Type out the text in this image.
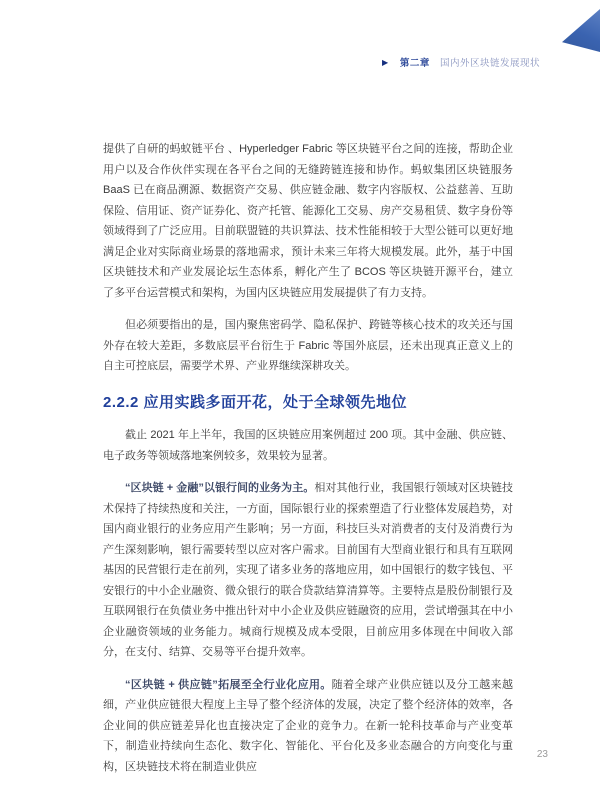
▶ 第二章 国内外区块链发展现状

提供了自研的蚂蚁链平台 、Hyperledger Fabric 等区块链平台之间的连接，帮助企业用户以及合作伙伴实现在各平台之间的无缝跨链连接和协作。蚂蚁集团区块链服务 BaaS 已在商品溯源、数据资产交易、供应链金融、数字内容版权、公益慈善、互助保险、信用证、资产证券化、资产托管、能源化工交易、房产交易租赁、数字身份等领域得到了广泛应用。目前联盟链的共识算法、技术性能相较于大型公链可以更好地满足企业对实际商业场景的落地需求，预计未来三年将大规模发展。此外，基于中国区块链技术和产业发展论坛生态体系，孵化产生了 BCOS 等区块链开源平台，建立了多平台运营模式和架构，为国内区块链应用发展提供了有力支持。

但必须要指出的是，国内聚焦密码学、隐私保护、跨链等核心技术的攻关还与国外存在较大差距，多数底层平台衍生于 Fabric 等国外底层，还未出现真正意义上的自主可控底层，需要学术界、产业界继续深耕攻关。

2.2.2 应用实践多面开花，处于全球领先地位

截止 2021 年上半年，我国的区块链应用案例超过 200 项。其中金融、供应链、电子政务等领域落地案例较多，效果较为显著。

“区块链 + 金融”以银行间的业务为主。相对其他行业，我国银行领域对区块链技术保持了持续热度和关注，一方面，国际银行业的探索塑造了行业整体发展趋势，对国内商业银行的业务应用产生影响；另一方面，科技巨头对消费者的支付及消费行为产生深刻影响，银行需要转型以应对客户需求。目前国有大型商业银行和具有互联网基因的民营银行走在前列，实现了诸多业务的落地应用，如中国银行的数字钱包、平安银行的中小企业融资、微众银行的联合贷款结算清算等。主要特点是股份制银行及互联网银行在负债业务中推出针对中小企业及供应链融资的应用，尝试增强其在中小企业融资领域的业务能力。城商行规模及成本受限，目前应用多体现在中间收入部分，在支付、结算、交易等平台提升效率。

“区块链 + 供应链”拓展至全行业化应用。随着全球产业供应链以及分工越来越细，产业供应链很大程度上主导了整个经济体的发展，决定了整个经济体的效率，各企业间的供应链差异化也直接决定了企业的竞争力。在新一轮科技革命与产业变革下，制造业持续向生态化、数字化、智能化、平台化及多业态融合的方向变化与重构，区块链技术将在制造业供应

23
